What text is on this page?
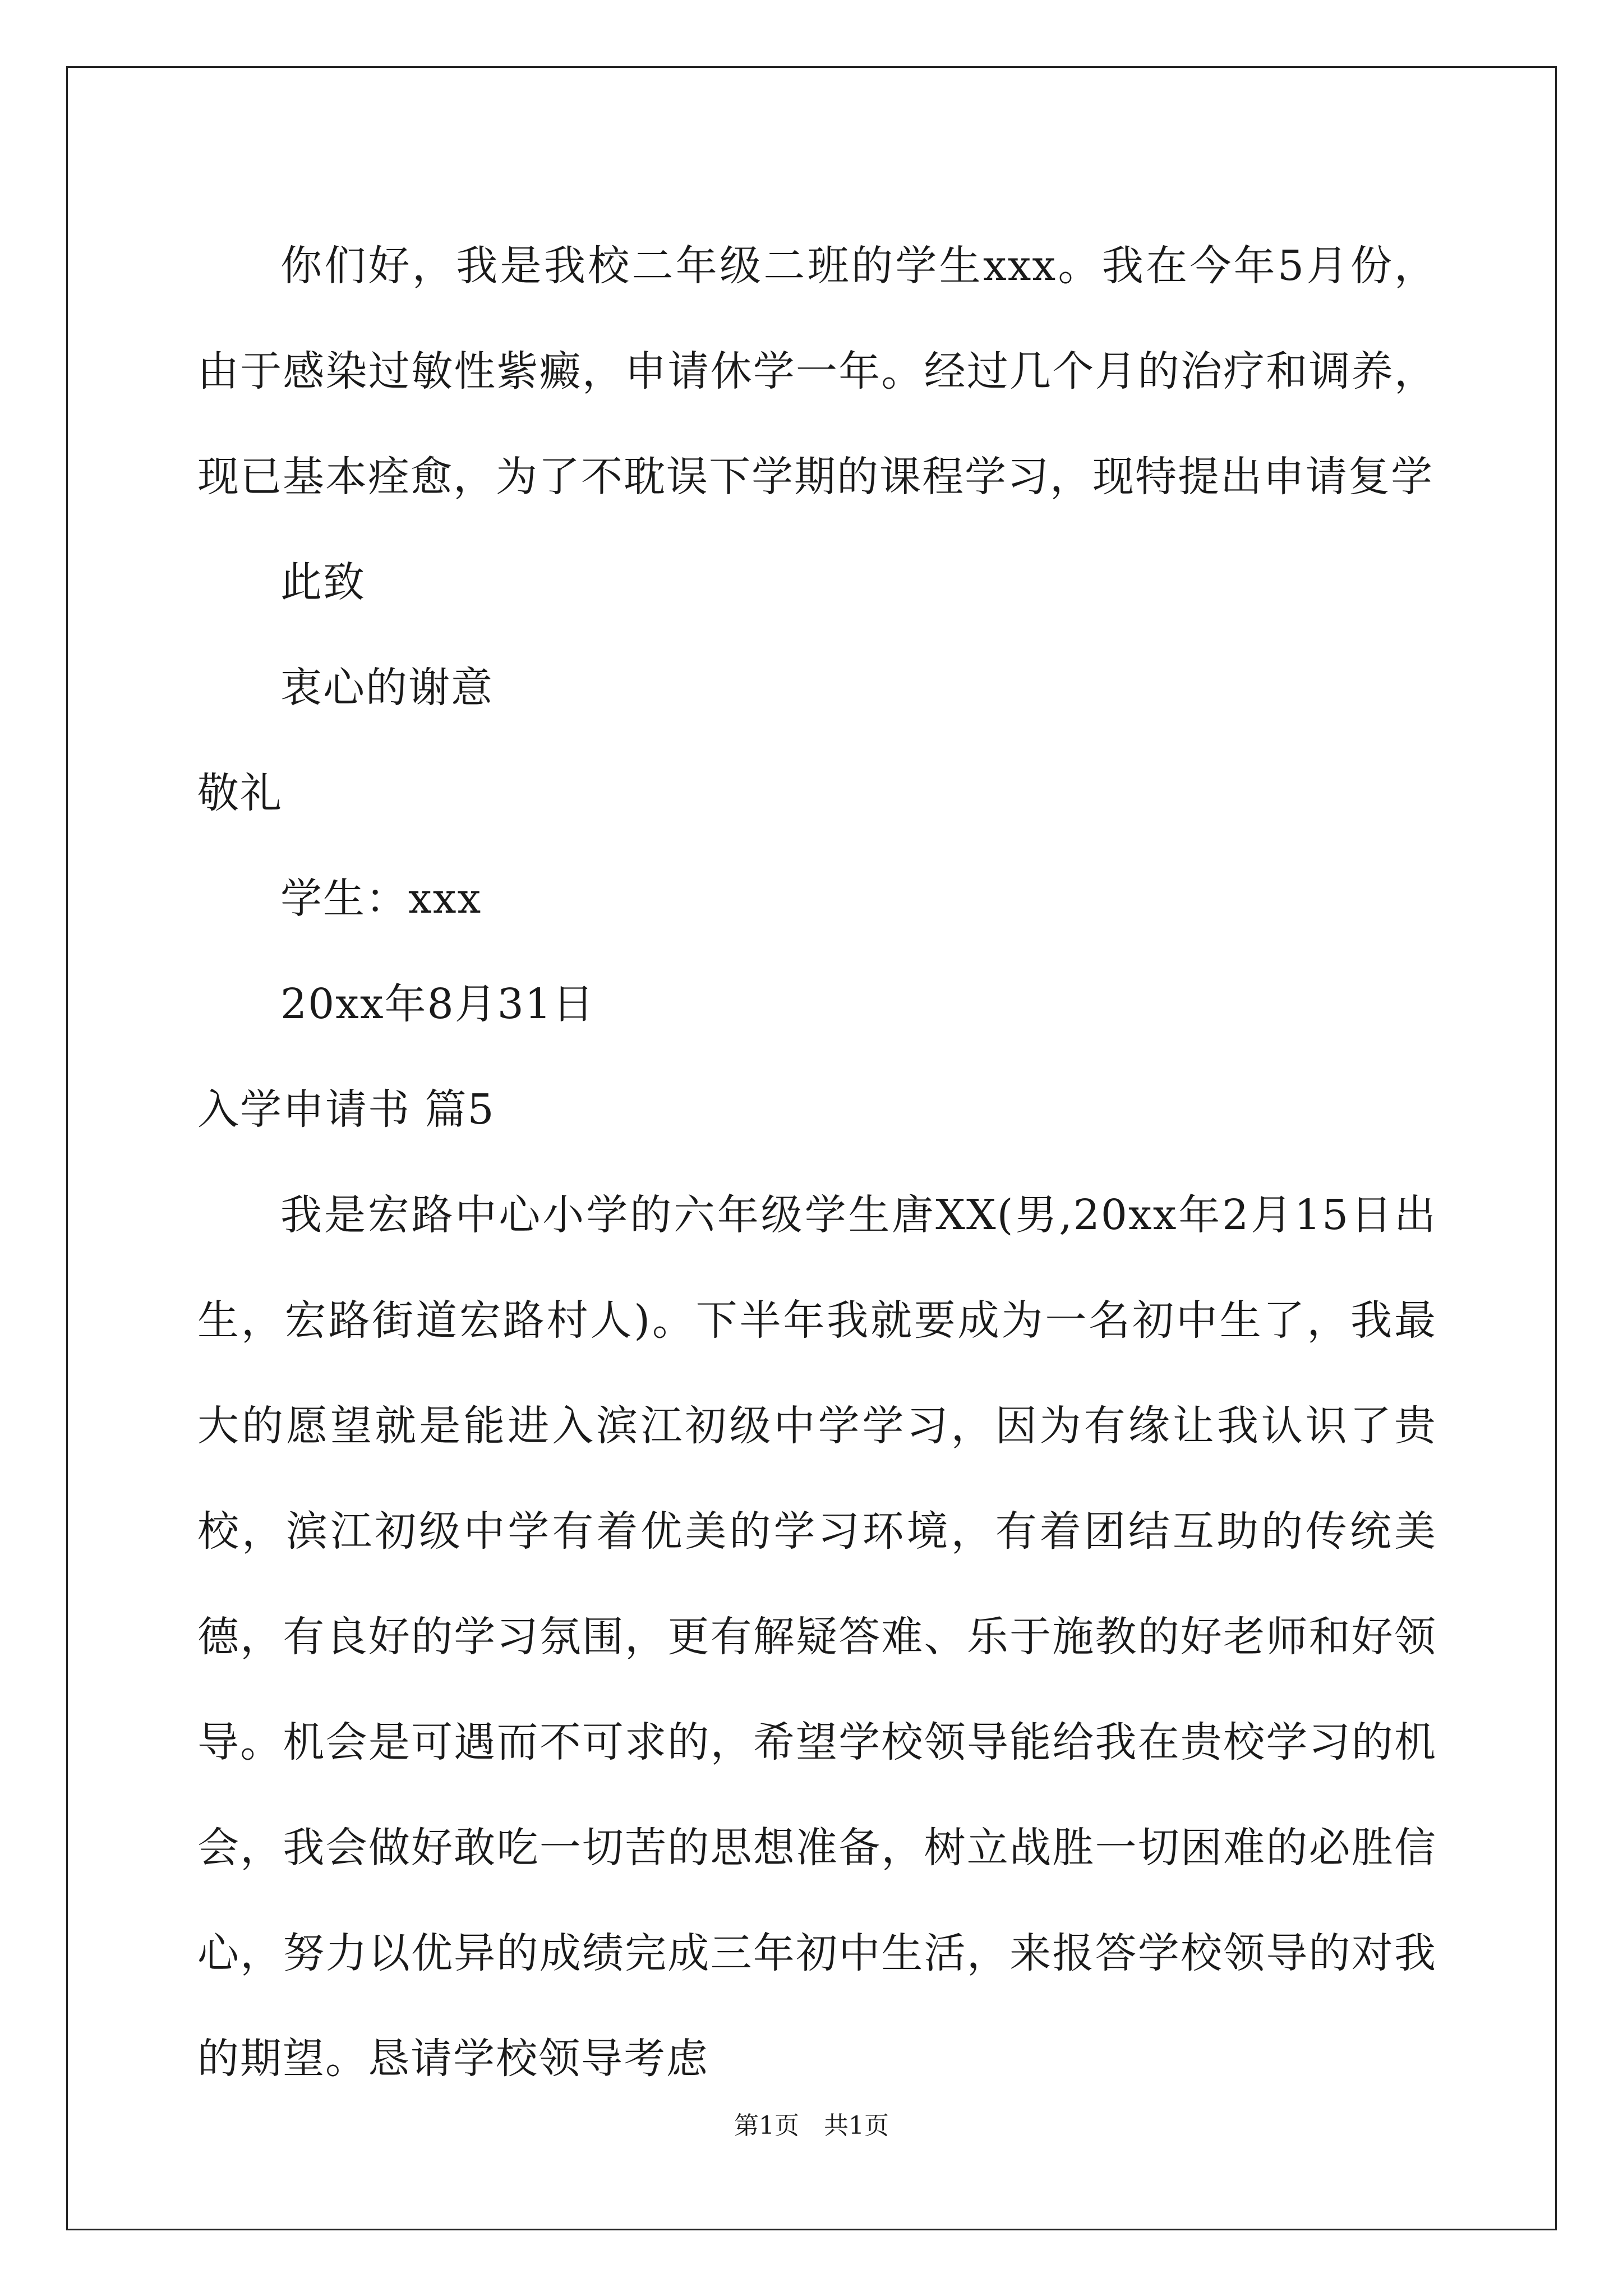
你们好，我是我校二年级二班的学生xxx。我在今年5月份，由于感染过敏性紫癜，申请休学一年。经过几个月的治疗和调养，现已基本痊愈，为了不耽误下学期的课程学习，现特提出申请复学

此致

衷心的谢意

敬礼

学生：xxx

20xx年8月31日

入学申请书 篇5

我是宏路中心小学的六年级学生唐XX(男,20xx年2月15日出生，宏路街道宏路村人)。下半年我就要成为一名初中生了，我最大的愿望就是能进入滨江初级中学学习，因为有缘让我认识了贵校，滨江初级中学有着优美的学习环境，有着团结互助的传统美德，有良好的学习氛围，更有解疑答难、乐于施教的好老师和好领导。机会是可遇而不可求的，希望学校领导能给我在贵校学习的机会，我会做好敢吃一切苦的思想准备，树立战胜一切困难的必胜信心，努力以优异的成绩完成三年初中生活，来报答学校领导的对我的期望。恳请学校领导考虑

第1页　共1页
